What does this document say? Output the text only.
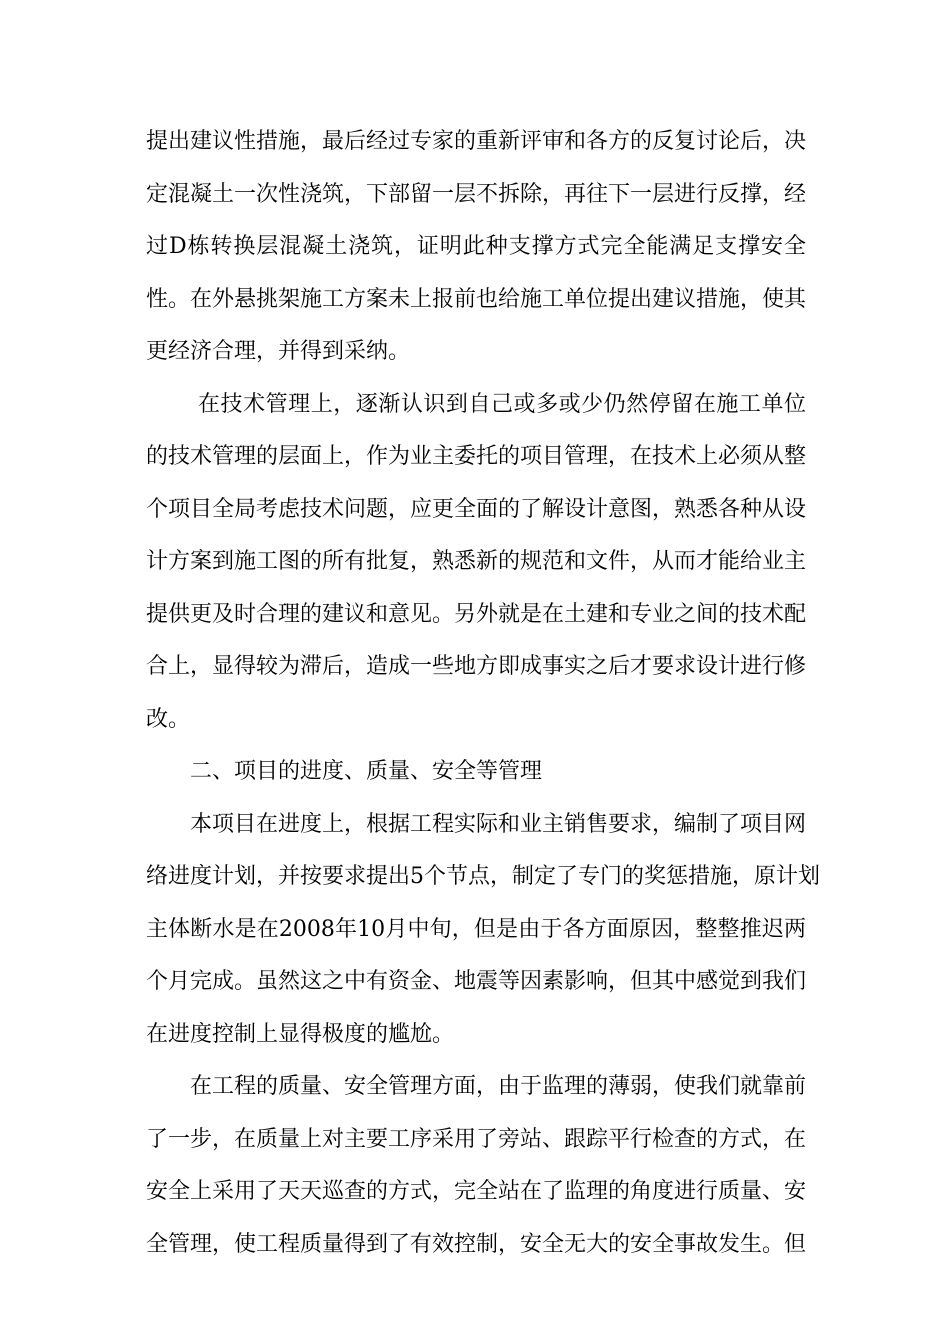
提出建议性措施，最后经过专家的重新评审和各方的反复讨论后，决
定混凝土一次性浇筑，下部留一层不拆除，再往下一层进行反撑，经
过D栋转换层混凝土浇筑，证明此种支撑方式完全能满足支撑安全
性。在外悬挑架施工方案未上报前也给施工单位提出建议措施，使其
更经济合理，并得到采纳。
在技术管理上，逐渐认识到自己或多或少仍然停留在施工单位
的技术管理的层面上，作为业主委托的项目管理，在技术上必须从整
个项目全局考虑技术问题，应更全面的了解设计意图，熟悉各种从设
计方案到施工图的所有批复，熟悉新的规范和文件，从而才能给业主
提供更及时合理的建议和意见。另外就是在土建和专业之间的技术配
合上，显得较为滞后，造成一些地方即成事实之后才要求设计进行修
改。
二、项目的进度、质量、安全等管理
本项目在进度上，根据工程实际和业主销售要求，编制了项目网
络进度计划，并按要求提出5个节点，制定了专门的奖惩措施，原计划
主体断水是在2008年10月中旬，但是由于各方面原因，整整推迟两
个月完成。虽然这之中有资金、地震等因素影响，但其中感觉到我们
在进度控制上显得极度的尴尬。
在工程的质量、安全管理方面，由于监理的薄弱，使我们就靠前
了一步，在质量上对主要工序采用了旁站、跟踪平行检查的方式，在
安全上采用了天天巡查的方式，完全站在了监理的角度进行质量、安
全管理，使工程质量得到了有效控制，安全无大的安全事故发生。但
